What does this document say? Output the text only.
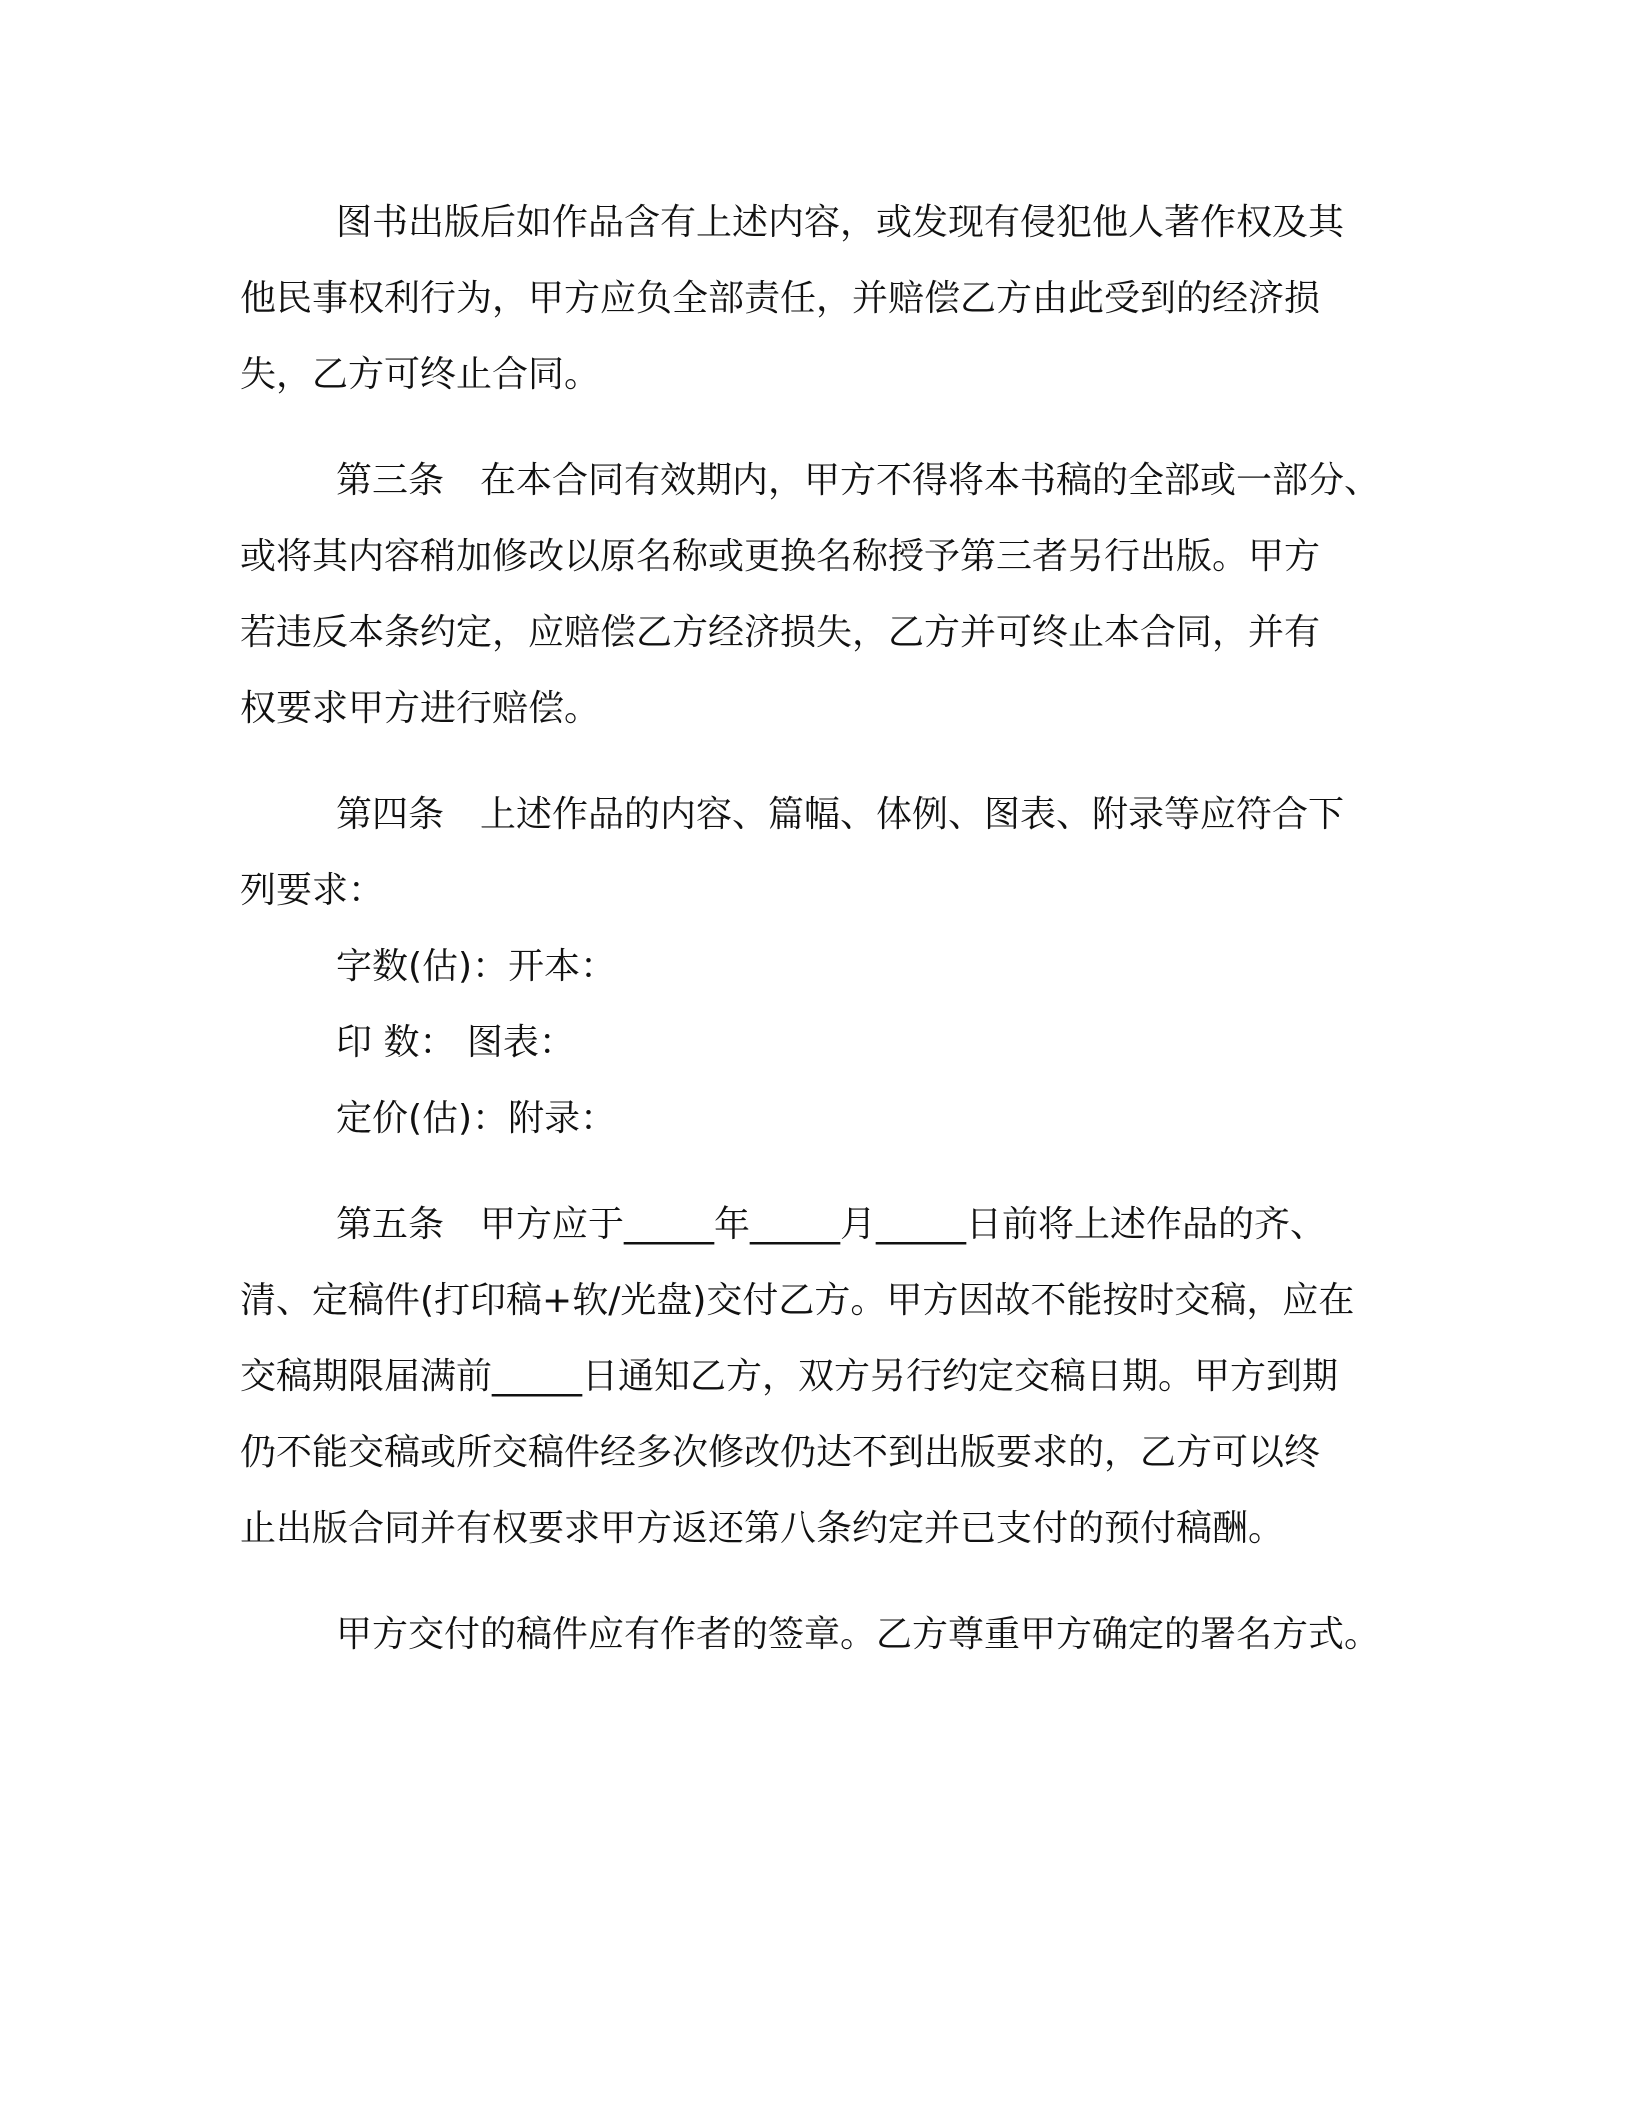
图书出版后如作品含有上述内容，或发现有侵犯他人著作权及其
他民事权利行为，甲方应负全部责任，并赔偿乙方由此受到的经济损
失，乙方可终止合同。

第三条　在本合同有效期内，甲方不得将本书稿的全部或一部分、
或将其内容稍加修改以原名称或更换名称授予第三者另行出版。甲方
若违反本条约定，应赔偿乙方经济损失，乙方并可终止本合同，并有
权要求甲方进行赔偿。

第四条　上述作品的内容、篇幅、体例、图表、附录等应符合下
列要求：

字数(估)：开本：

印 数： 图表：

定价(估)：附录：

第五条　甲方应于_____年_____月_____日前将上述作品的齐、
清、定稿件(打印稿+软/光盘)交付乙方。甲方因故不能按时交稿，应在
交稿期限届满前_____日通知乙方，双方另行约定交稿日期。甲方到期
仍不能交稿或所交稿件经多次修改仍达不到出版要求的，乙方可以终
止出版合同并有权要求甲方返还第八条约定并已支付的预付稿酬。

甲方交付的稿件应有作者的签章。乙方尊重甲方确定的署名方式。
